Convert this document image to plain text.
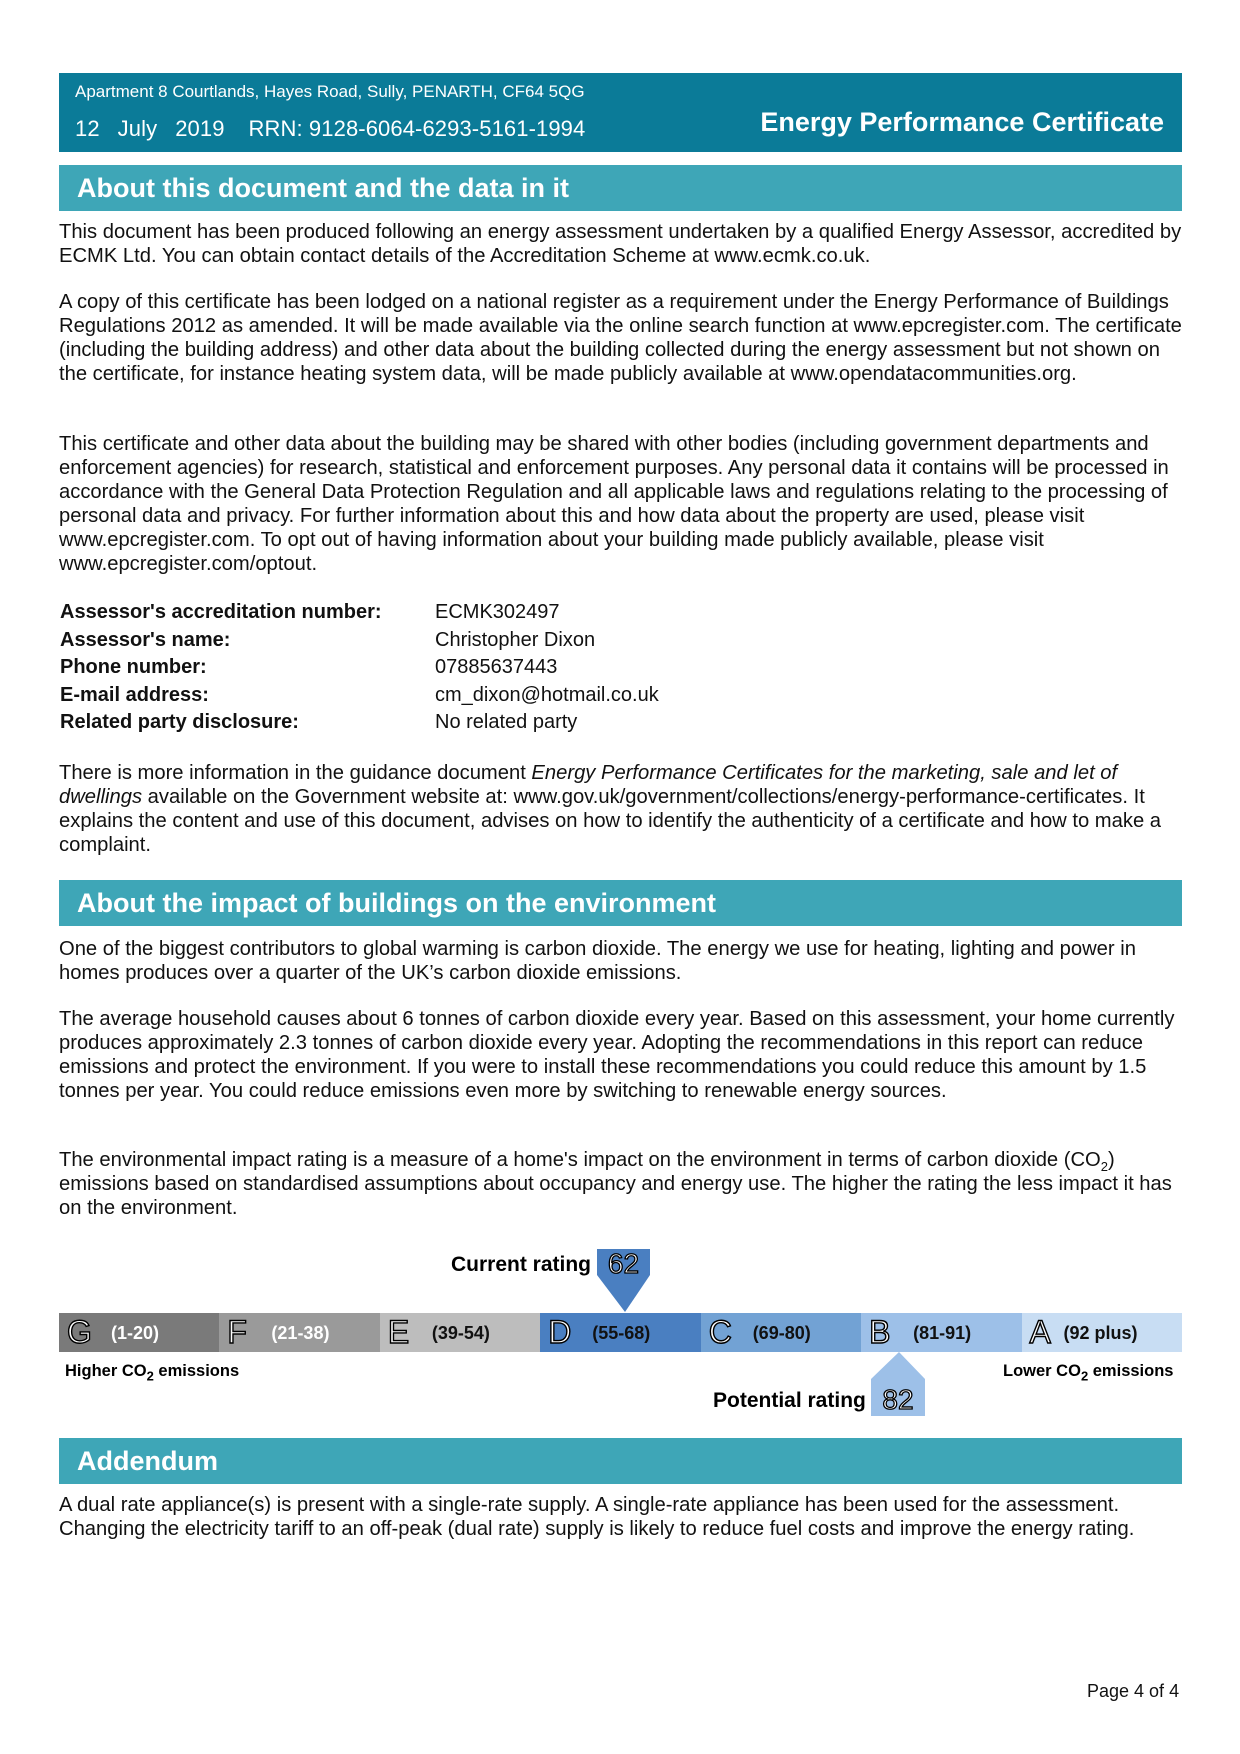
Apartment 8 Courtlands, Hayes Road, Sully, PENARTH, CF64 5QG
12 July 2019 RRN: 9128-6064-6293-5161-1994	Energy Performance Certificate
About this document and the data in it

This document has been produced following an energy assessment undertaken by a qualified Energy Assessor, accredited by ECMK Ltd. You can obtain contact details of the Accreditation Scheme at www.ecmk.co.uk.

A copy of this certificate has been lodged on a national register as a requirement under the Energy Performance of Buildings Regulations 2012 as amended. It will be made available via the online search function at www.epcregister.com. The certificate (including the building address) and other data about the building collected during the energy assessment but not shown on the certificate, for instance heating system data, will be made publicly available at www.opendatacommunities.org.

This certificate and other data about the building may be shared with other bodies (including government departments and enforcement agencies) for research, statistical and enforcement purposes. Any personal data it contains will be processed in accordance with the General Data Protection Regulation and all applicable laws and regulations relating to the processing of personal data and privacy. For further information about this and how data about the property are used, please visit www.epcregister.com. To opt out of having information about your building made publicly available, please visit www.epcregister.com/optout.

Assessor's accreditation number:	ECMK302497
Assessor's name:	Christopher Dixon
Phone number:	07885637443
E-mail address:	cm_dixon@hotmail.co.uk
Related party disclosure:	No related party

There is more information in the guidance document Energy Performance Certificates for the marketing, sale and let of dwellings available on the Government website at: www.gov.uk/government/collections/energy-performance-certificates. It explains the content and use of this document, advises on how to identify the authenticity of a certificate and how to make a complaint.

About the impact of buildings on the environment

One of the biggest contributors to global warming is carbon dioxide. The energy we use for heating, lighting and power in homes produces over a quarter of the UK’s carbon dioxide emissions.

The average household causes about 6 tonnes of carbon dioxide every year. Based on this assessment, your home currently produces approximately 2.3 tonnes of carbon dioxide every year. Adopting the recommendations in this report can reduce emissions and protect the environment. If you were to install these recommendations you could reduce this amount by 1.5 tonnes per year. You could reduce emissions even more by switching to renewable energy sources.

The environmental impact rating is a measure of a home's impact on the environment in terms of carbon dioxide $(CO_2)$ emissions based on standardised assumptions about occupancy and energy use. The higher the rating the less impact it has on the environment.

Current rating 62
G (1-20) F (21-38) E (39-54) D (55-68) C (69-80) B (81-91) A (92 plus)
Higher $CO_2$ emissions	Lower $CO_2$ emissions
Potential rating 82
Addendum

A dual rate appliance(s) is present with a single-rate supply. A single-rate appliance has been used for the assessment. Changing the electricity tariff to an off-peak (dual rate) supply is likely to reduce fuel costs and improve the energy rating.

Page 4 of 4
